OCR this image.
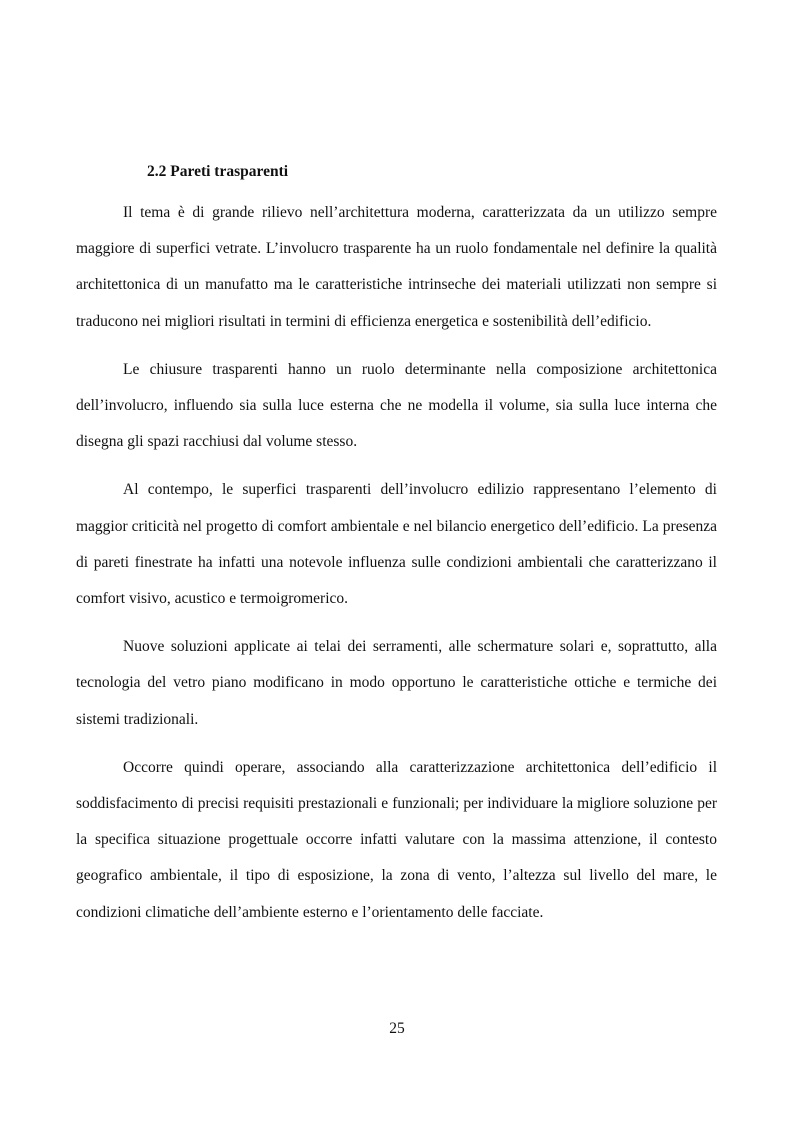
2.2 Pareti trasparenti

Il tema è di grande rilievo nell’architettura moderna, caratterizzata da un utilizzo sempre maggiore di superfici vetrate. L’involucro trasparente ha un ruolo fondamentale nel definire la qualità architettonica di un manufatto ma le caratteristiche intrinseche dei materiali utilizzati non sempre si traducono nei migliori risultati in termini di efficienza energetica e sostenibilità dell’edificio.

Le chiusure trasparenti hanno un ruolo determinante nella composizione architettonica dell’involucro, influendo sia sulla luce esterna che ne modella il volume, sia sulla luce interna che disegna gli spazi racchiusi dal volume stesso.

Al contempo, le superfici trasparenti dell’involucro edilizio rappresentano l’elemento di maggior criticità nel progetto di comfort ambientale e nel bilancio energetico dell’edificio. La presenza di pareti finestrate ha infatti una notevole influenza sulle condizioni ambientali che caratterizzano il comfort visivo, acustico e termoigromerico.

Nuove soluzioni applicate ai telai dei serramenti, alle schermature solari e, soprattutto, alla tecnologia del vetro piano modificano in modo opportuno le caratteristiche ottiche e termiche dei sistemi tradizionali.

Occorre quindi operare, associando alla caratterizzazione architettonica dell’edificio il soddisfacimento di precisi requisiti prestazionali e funzionali; per individuare la migliore soluzione per la specifica situazione progettuale occorre infatti valutare con la massima attenzione, il contesto geografico ambientale, il tipo di esposizione, la zona di vento, l’altezza sul livello del mare, le condizioni climatiche dell’ambiente esterno e l’orientamento delle facciate.

25
